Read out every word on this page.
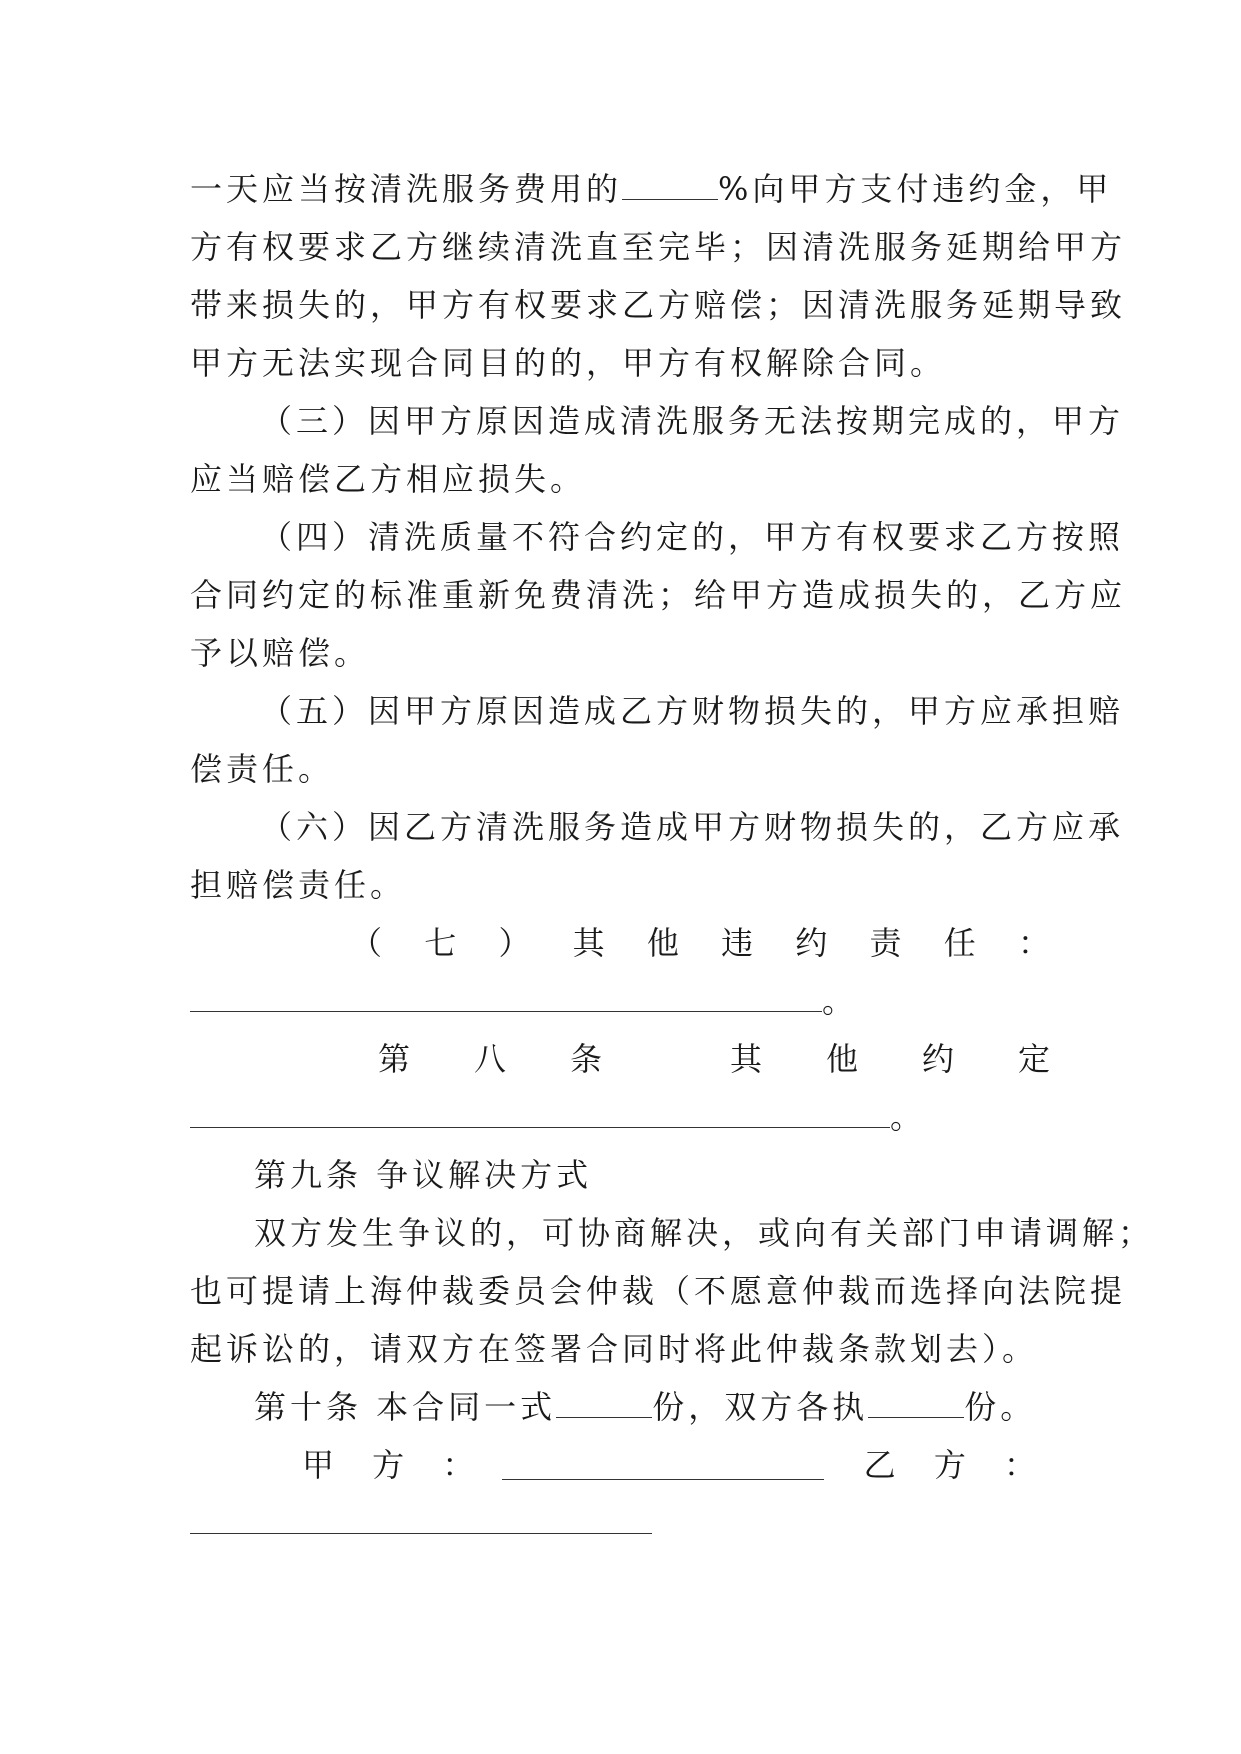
一天应当按清洗服务费用的	%向甲方支付违约金，甲
方有权要求乙方继续清洗直至完毕；因清洗服务延期给甲方
带来损失的，甲方有权要求乙方赔偿；因清洗服务延期导致
甲方无法实现合同目的的，甲方有权解除合同。
（三）因甲方原因造成清洗服务无法按期完成的，甲方
应当赔偿乙方相应损失。
（四）清洗质量不符合约定的，甲方有权要求乙方按照
合同约定的标准重新免费清洗；给甲方造成损失的，乙方应
予以赔偿。
（五）因甲方原因造成乙方财物损失的，甲方应承担赔
偿责任。
（六）因乙方清洗服务造成甲方财物损失的，乙方应承
担赔偿责任。
（ 七 ） 其 他 违 约 责 任 ：
。
第 八 条	其 他 约 定
。
第九条 争议解决方式
双方发生争议的，可协商解决，或向有关部门申请调解；
也可提请上海仲裁委员会仲裁（不愿意仲裁而选择向法院提
起诉讼的，请双方在签署合同时将此仲裁条款划去）。
第十条 本合同一式	份，双方各执	份。
甲 方 ：	乙 方 ：
